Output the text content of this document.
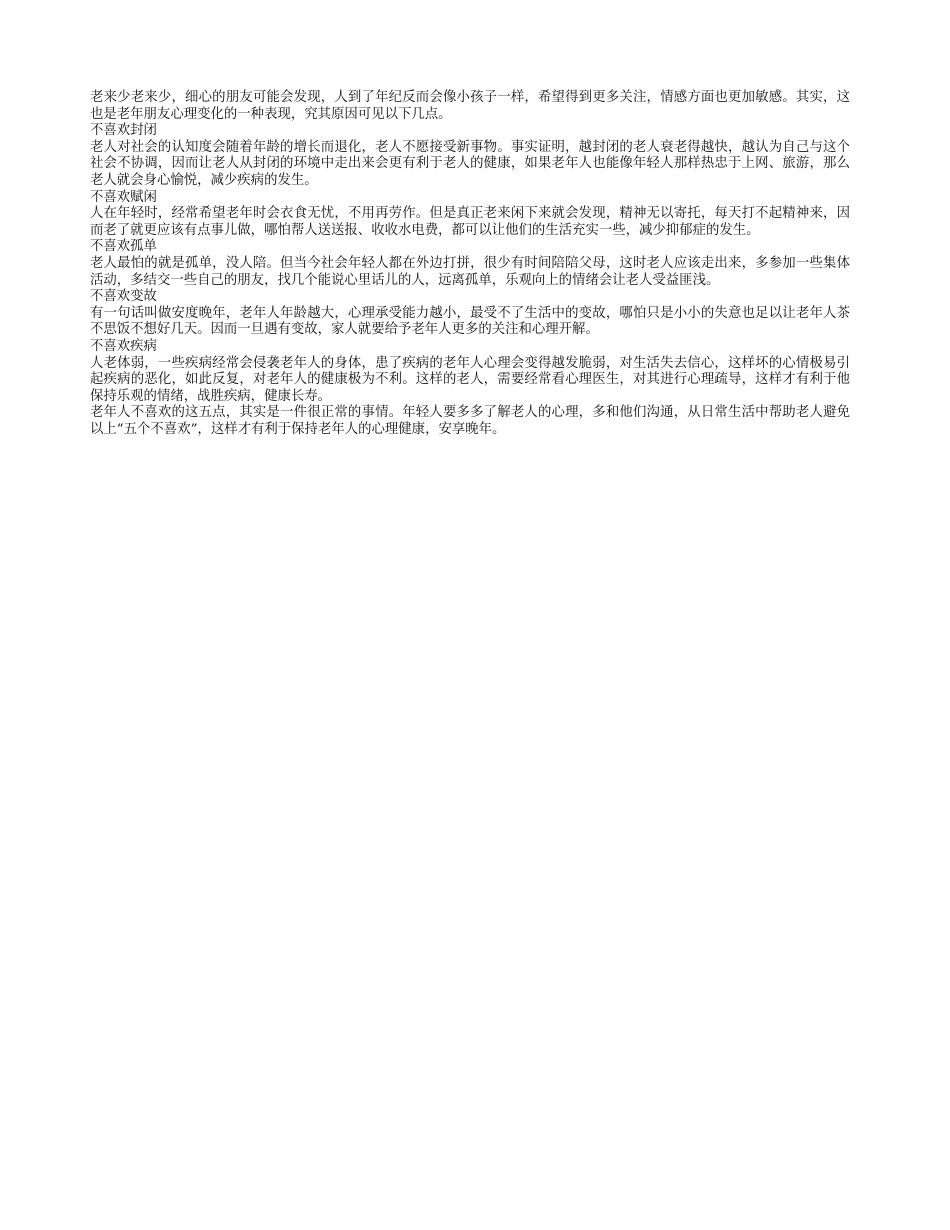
老来少老来少，细心的朋友可能会发现，人到了年纪反而会像小孩子一样，希望得到更多关注，情感方面也更加敏感。其实，这也是老年朋友心理变化的一种表现，究其原因可见以下几点。

不喜欢封闭

老人对社会的认知度会随着年龄的增长而退化，老人不愿接受新事物。事实证明，越封闭的老人衰老得越快，越认为自己与这个社会不协调，因而让老人从封闭的环境中走出来会更有利于老人的健康，如果老年人也能像年轻人那样热忠于上网、旅游，那么老人就会身心愉悦，减少疾病的发生。

不喜欢赋闲

人在年轻时，经常希望老年时会衣食无忧，不用再劳作。但是真正老来闲下来就会发现，精神无以寄托，每天打不起精神来，因而老了就更应该有点事儿做，哪怕帮人送送报、收收水电费，都可以让他们的生活充实一些，减少抑郁症的发生。

不喜欢孤单

老人最怕的就是孤单，没人陪。但当今社会年轻人都在外边打拼，很少有时间陪陪父母，这时老人应该走出来，多参加一些集体活动，多结交一些自己的朋友，找几个能说心里话儿的人，远离孤单，乐观向上的情绪会让老人受益匪浅。

不喜欢变故

有一句话叫做安度晚年，老年人年龄越大，心理承受能力越小，最受不了生活中的变故，哪怕只是小小的失意也足以让老年人茶不思饭不想好几天。因而一旦遇有变故，家人就要给予老年人更多的关注和心理开解。

不喜欢疾病

人老体弱，一些疾病经常会侵袭老年人的身体，患了疾病的老年人心理会变得越发脆弱，对生活失去信心，这样坏的心情极易引起疾病的恶化，如此反复，对老年人的健康极为不利。这样的老人，需要经常看心理医生，对其进行心理疏导，这样才有利于他保持乐观的情绪，战胜疾病，健康长寿。

老年人不喜欢的这五点，其实是一件很正常的事情。年轻人要多多了解老人的心理，多和他们沟通，从日常生活中帮助老人避免以上“五个不喜欢”，这样才有利于保持老年人的心理健康，安享晚年。
